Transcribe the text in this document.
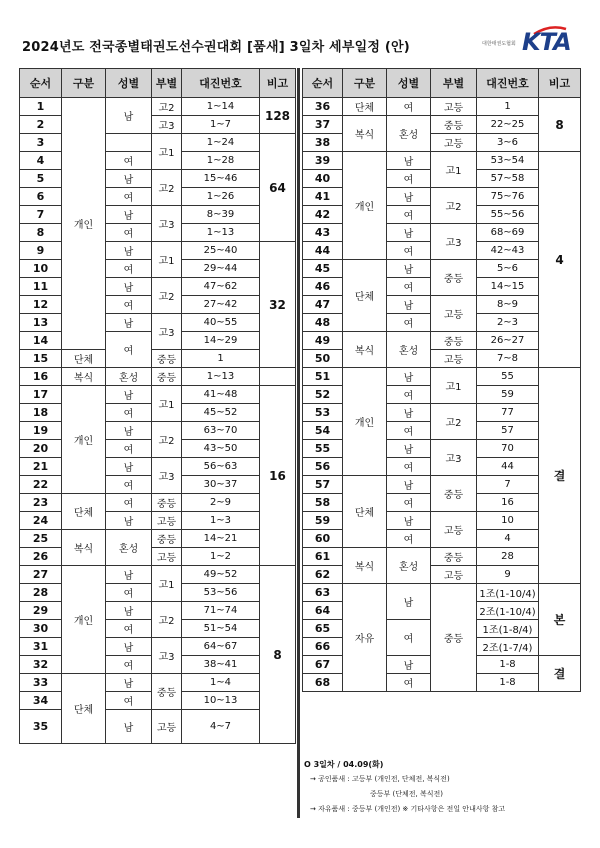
2024년도 전국종별태권도선수권대회 [품새] 3일차 세부일정 (안)	대한태권도협회 KTA
순서	구분	성별	부별	대진번호	비고
1	개인	남	고2	1~14	128
2			고3	1~7	
3			고1	1~24	64
4		여		1~28	
5		남	고2	15~46	
6		여		1~26	
7		남	고3	8~39	
8		여		1~13	
9		남	고1	25~40	32
10		여		29~44	
11		남	고2	47~62	
12		여		27~42	
13		남	고3	40~55	
14		여		14~29	
15	단체		중등	1	
16	복식	혼성	중등	1~13	
17	개인	남	고1	41~48	16
18		여		45~52	
19		남	고2	63~70	
20		여		43~50	
21		남	고3	56~63	
22		여		30~37	
23	단체	여	중등	2~9	
24		남	고등	1~3	
25	복식	혼성	중등	14~21	
26			고등	1~2	
27	개인	남	고1	49~52	8
28		여		53~56	
29		남	고2	71~74	
30		여		51~54	
31		남	고3	64~67	
32		여		38~41	
33	단체	남	중등	1~4	
34		여		10~13	
35		남	고등	4~7	
순서	구분	성별	부별	대진번호	비고
36	단체	여	고등	1	8
37	복식	혼성	중등	22~25	
38			고등	3~6	
39	개인	남	고1	53~54	4
40		여		57~58	
41		남	고2	75~76	
42		여		55~56	
43		남	고3	68~69	
44		여		42~43	
45	단체	남	중등	5~6	
46		여		14~15	
47		남	고등	8~9	
48		여		2~3	
49	복식	혼성	중등	26~27	
50			고등	7~8	
51	개인	남	고1	55	결
52		여		59	
53		남	고2	77	
54		여		57	
55		남	고3	70	
56		여		44	
57	단체	남	중등	7	
58		여		16	
59		남	고등	10	
60		여		4	
61	복식	혼성	중등	28	
62			고등	9	
63	자유	남	중등	1조(1-10/4)	본
64				2조(1-10/4)	
65		여		1조(1-8/4)	
66				2조(1-7/4)	
67		남		1-8	결
68		여		1-8	
O 3일차 / 04.09(화)
→ 공인품새 : 고등부 (개인전, 단체전, 복식전)
중등부 (단체전, 복식전)
→ 자유품새 : 중등부 (개인전) ※ 기타사항은 전일 안내사항 참고
